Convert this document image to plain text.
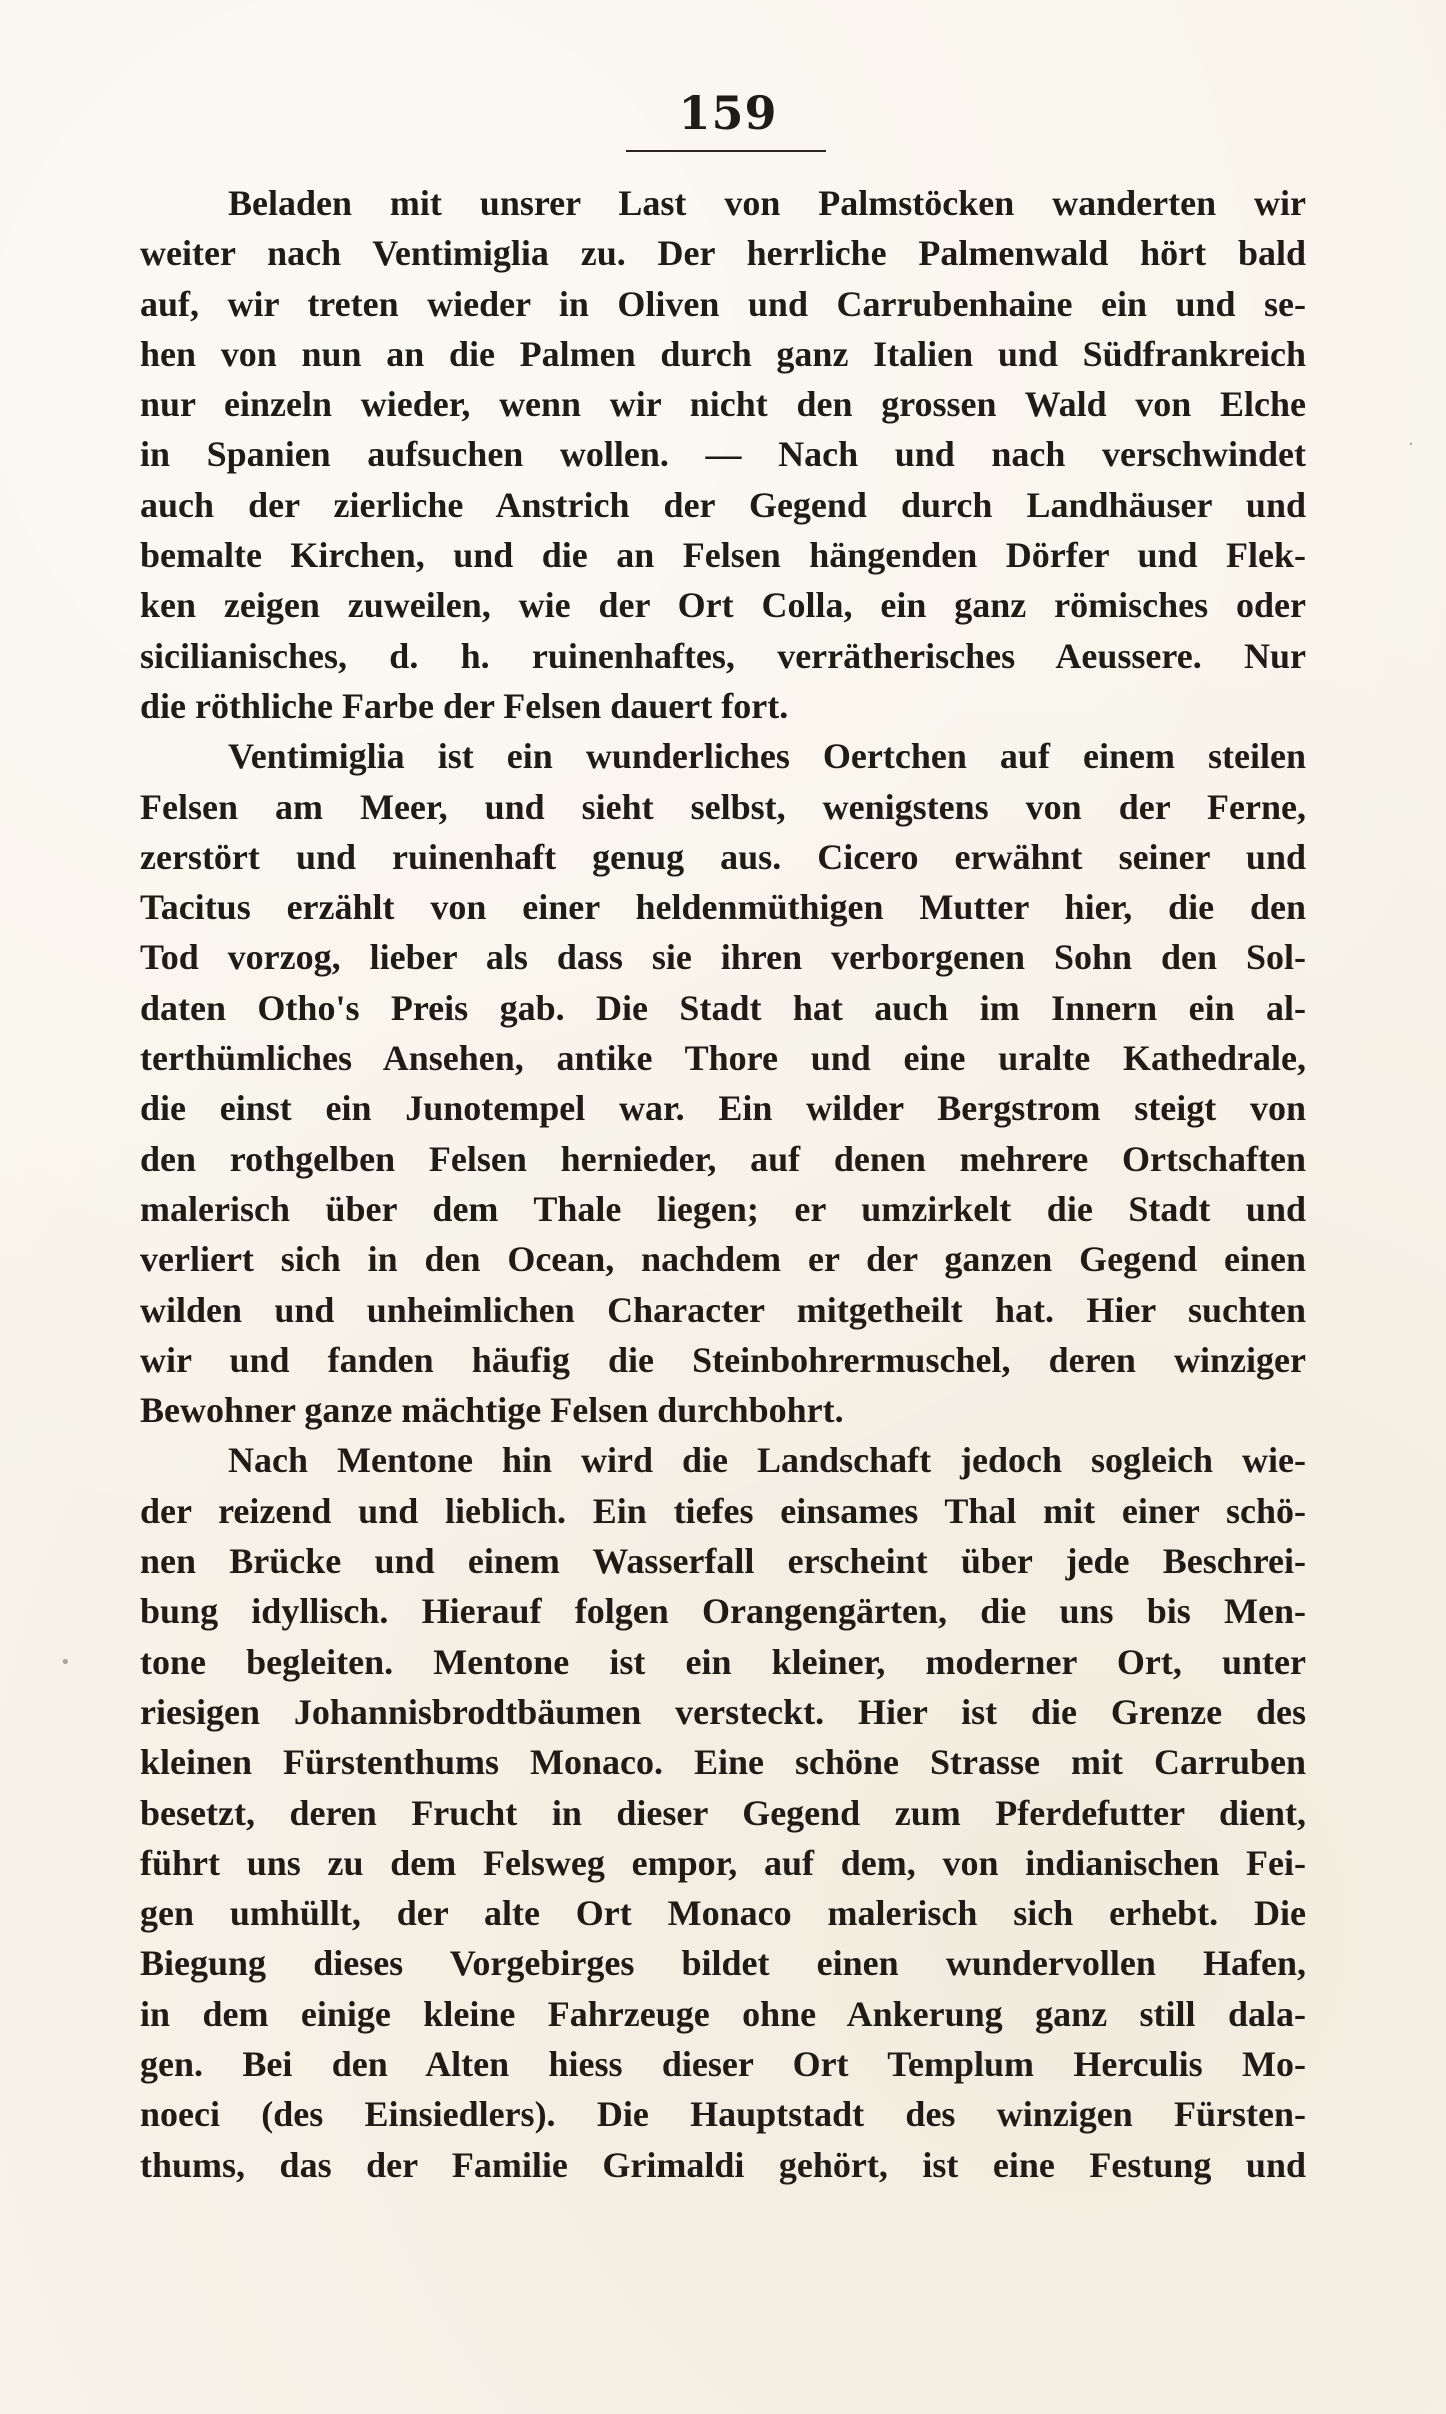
159
Beladen mit unsrer Last von Palmstöcken wanderten wir
weiter nach Ventimiglia zu. Der herrliche Palmenwald hört bald
auf, wir treten wieder in Oliven und Carrubenhaine ein und se-
hen von nun an die Palmen durch ganz Italien und Südfrankreich
nur einzeln wieder, wenn wir nicht den grossen Wald von Elche
in Spanien aufsuchen wollen. — Nach und nach verschwindet
auch der zierliche Anstrich der Gegend durch Landhäuser und
bemalte Kirchen, und die an Felsen hängenden Dörfer und Flek-
ken zeigen zuweilen, wie der Ort Colla, ein ganz römisches oder
sicilianisches, d. h. ruinenhaftes, verrätherisches Aeussere. Nur
die röthliche Farbe der Felsen dauert fort.
Ventimiglia ist ein wunderliches Oertchen auf einem steilen
Felsen am Meer, und sieht selbst, wenigstens von der Ferne,
zerstört und ruinenhaft genug aus. Cicero erwähnt seiner und
Tacitus erzählt von einer heldenmüthigen Mutter hier, die den
Tod vorzog, lieber als dass sie ihren verborgenen Sohn den Sol-
daten Otho's Preis gab. Die Stadt hat auch im Innern ein al-
terthümliches Ansehen, antike Thore und eine uralte Kathedrale,
die einst ein Junotempel war. Ein wilder Bergstrom steigt von
den rothgelben Felsen hernieder, auf denen mehrere Ortschaften
malerisch über dem Thale liegen; er umzirkelt die Stadt und
verliert sich in den Ocean, nachdem er der ganzen Gegend einen
wilden und unheimlichen Character mitgetheilt hat. Hier suchten
wir und fanden häufig die Steinbohrermuschel, deren winziger
Bewohner ganze mächtige Felsen durchbohrt.
Nach Mentone hin wird die Landschaft jedoch sogleich wie-
der reizend und lieblich. Ein tiefes einsames Thal mit einer schö-
nen Brücke und einem Wasserfall erscheint über jede Beschrei-
bung idyllisch. Hierauf folgen Orangengärten, die uns bis Men-
tone begleiten. Mentone ist ein kleiner, moderner Ort, unter
riesigen Johannisbrodtbäumen versteckt. Hier ist die Grenze des
kleinen Fürstenthums Monaco. Eine schöne Strasse mit Carruben
besetzt, deren Frucht in dieser Gegend zum Pferdefutter dient,
führt uns zu dem Felsweg empor, auf dem, von indianischen Fei-
gen umhüllt, der alte Ort Monaco malerisch sich erhebt. Die
Biegung dieses Vorgebirges bildet einen wundervollen Hafen,
in dem einige kleine Fahrzeuge ohne Ankerung ganz still dala-
gen. Bei den Alten hiess dieser Ort Templum Herculis Mo-
noeci (des Einsiedlers). Die Hauptstadt des winzigen Fürsten-
thums, das der Familie Grimaldi gehört, ist eine Festung und
•
·
